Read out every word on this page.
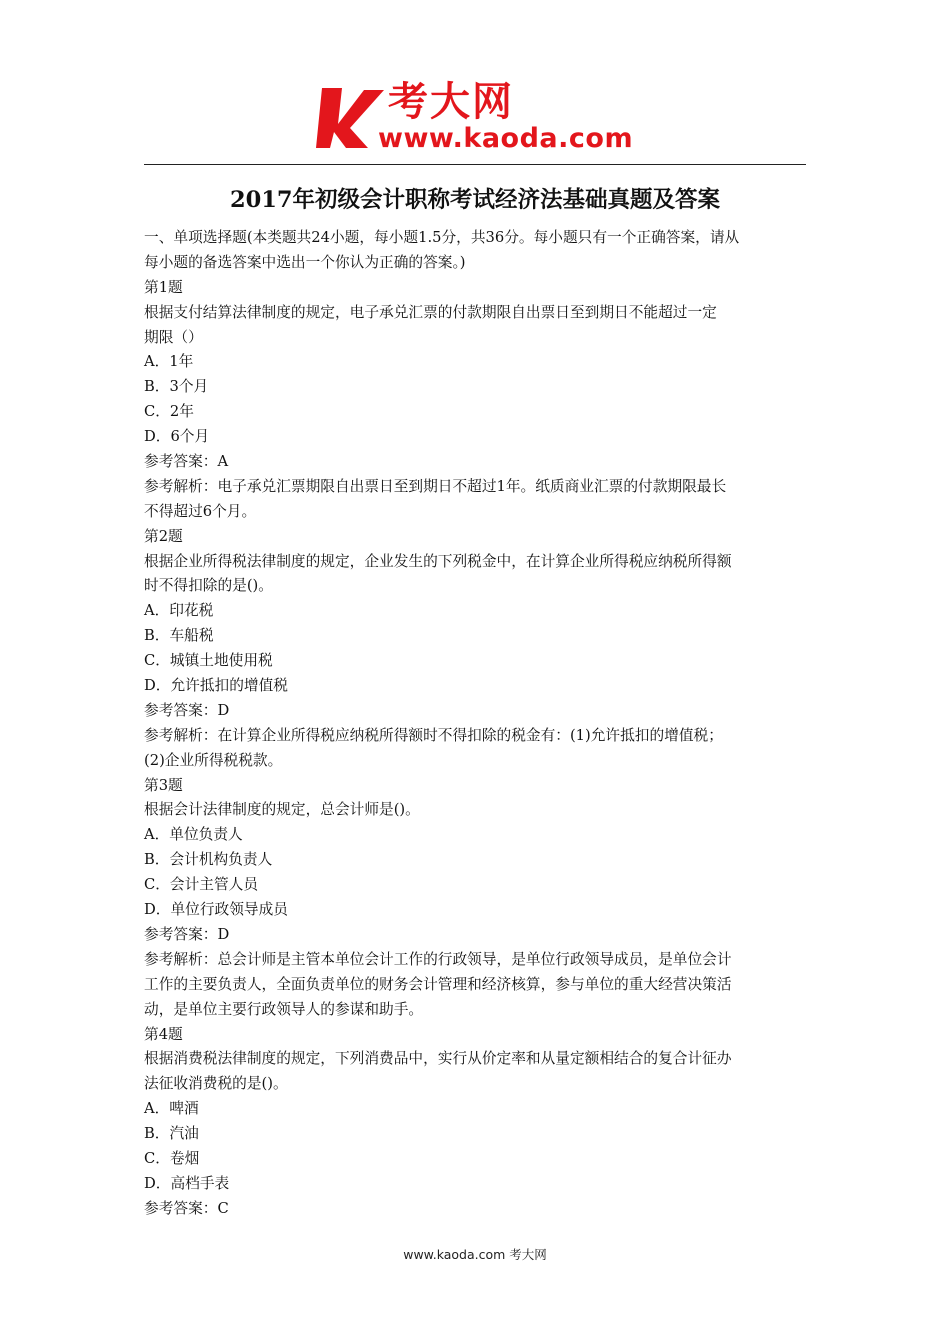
考大网
www.kaoda.com
2017年初级会计职称考试经济法基础真题及答案
一、单项选择题(本类题共24小题，每小题1.5分，共36分。每小题只有一个正确答案，请从
每小题的备选答案中选出一个你认为正确的答案。)
第1题
根据支付结算法律制度的规定，电子承兑汇票的付款期限自出票日至到期日不能超过一定
期限（）
A．1年
B．3个月
C．2年
D．6个月
参考答案：A
参考解析：电子承兑汇票期限自出票日至到期日不超过1年。纸质商业汇票的付款期限最长
不得超过6个月。
第2题
根据企业所得税法律制度的规定，企业发生的下列税金中，在计算企业所得税应纳税所得额
时不得扣除的是()。
A．印花税
B．车船税
C．城镇土地使用税
D．允许抵扣的增值税
参考答案：D
参考解析：在计算企业所得税应纳税所得额时不得扣除的税金有：(1)允许抵扣的增值税；
(2)企业所得税税款。
第3题
根据会计法律制度的规定，总会计师是()。
A．单位负责人
B．会计机构负责人
C．会计主管人员
D．单位行政领导成员
参考答案：D
参考解析：总会计师是主管本单位会计工作的行政领导，是单位行政领导成员，是单位会计
工作的主要负责人，全面负责单位的财务会计管理和经济核算，参与单位的重大经营决策活
动，是单位主要行政领导人的参谋和助手。
第4题
根据消费税法律制度的规定，下列消费品中，实行从价定率和从量定额相结合的复合计征办
法征收消费税的是()。
A．啤酒
B．汽油
C．卷烟
D．高档手表
参考答案：C
www.kaoda.com 考大网
